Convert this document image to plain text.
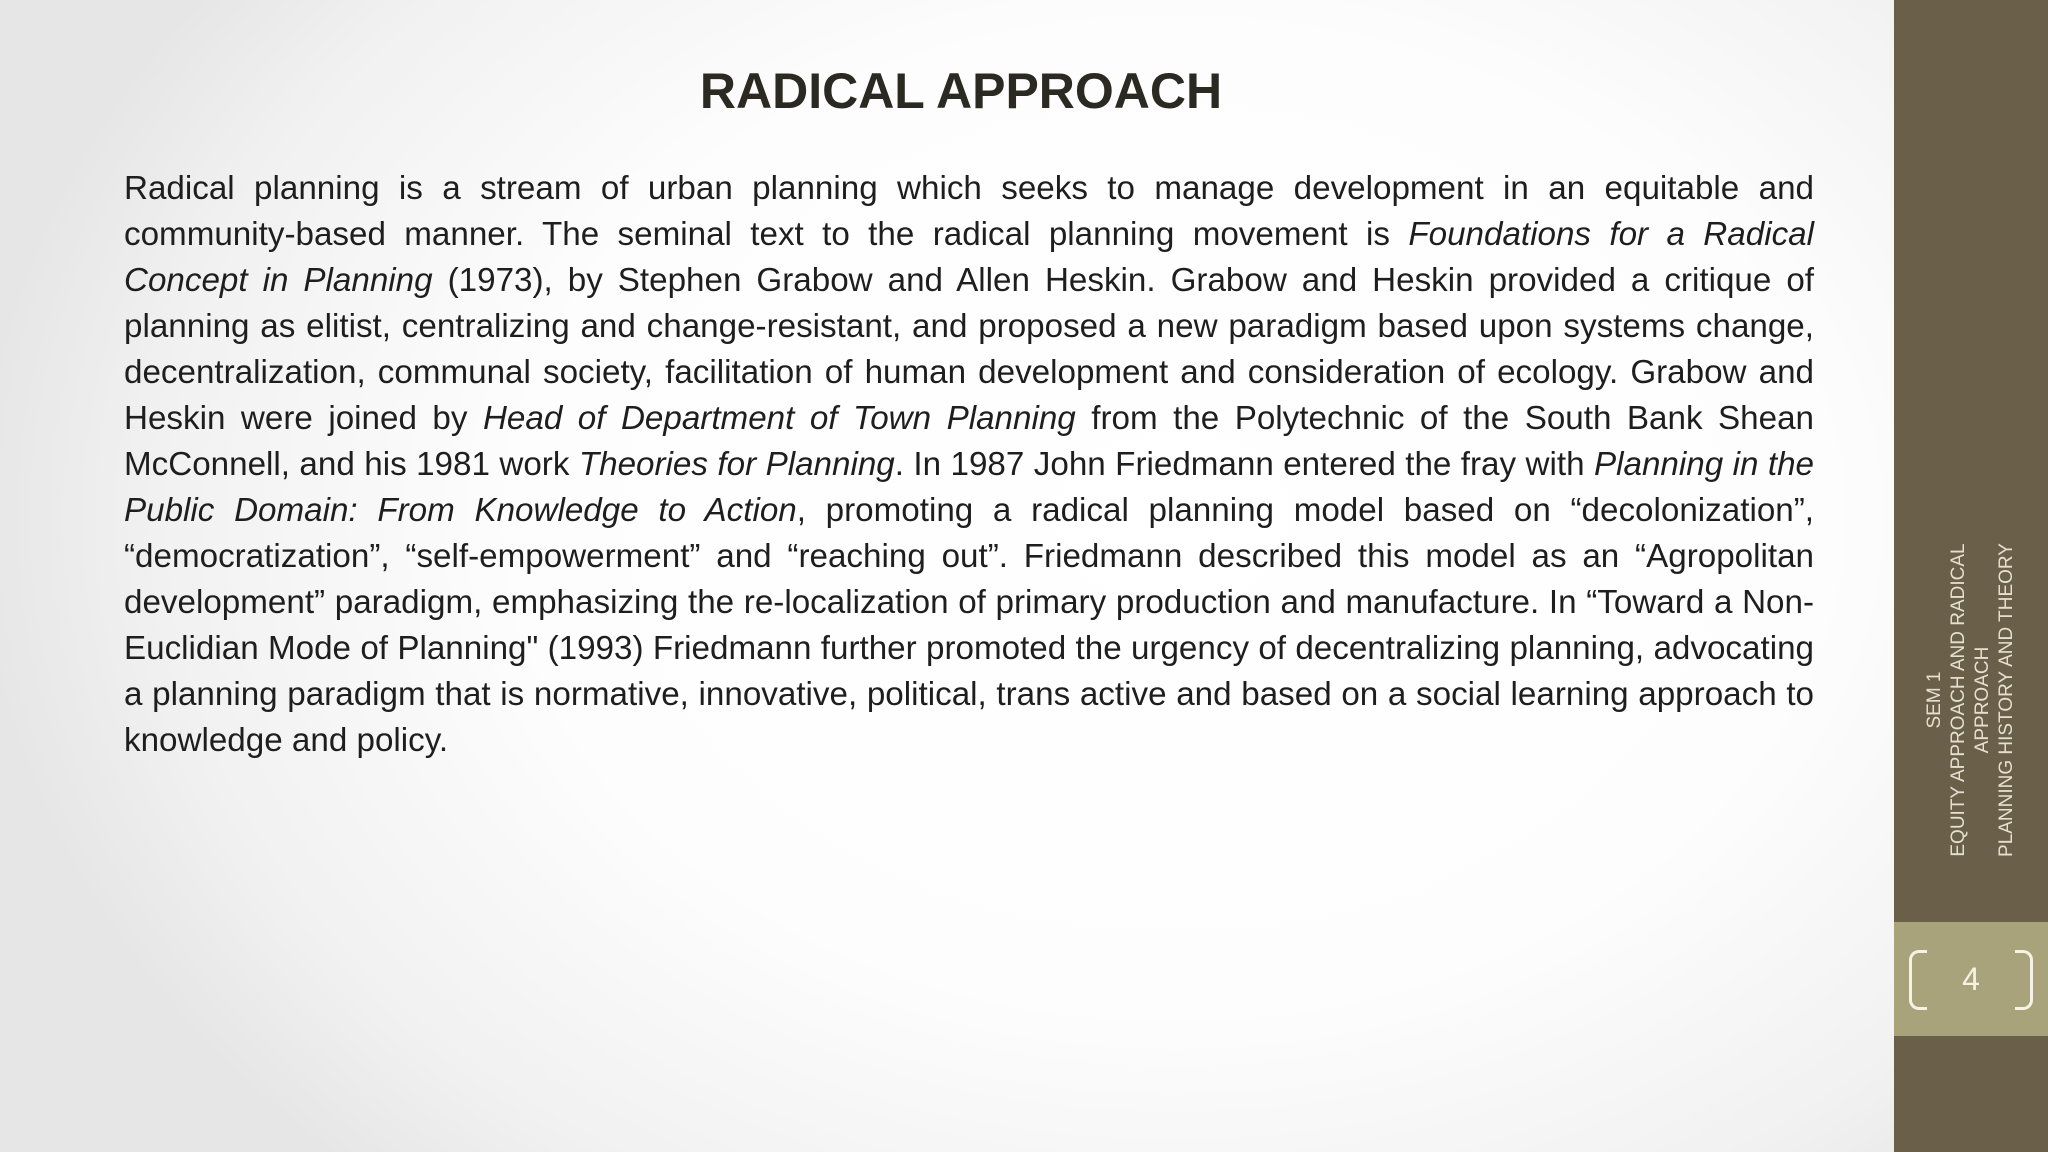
RADICAL APPROACH

Radical planning is a stream of urban planning which seeks to manage development in an equitable and community-based manner. The seminal text to the radical planning movement is Foundations for a Radical Concept in Planning (1973), by Stephen Grabow and Allen Heskin. Grabow and Heskin provided a critique of planning as elitist, centralizing and change-resistant, and proposed a new paradigm based upon systems change, decentralization, communal society, facilitation of human development and consideration of ecology. Grabow and Heskin were joined by Head of Department of Town Planning from the Polytechnic of the South Bank Shean McConnell, and his 1981 work Theories for Planning. In 1987 John Friedmann entered the fray with Planning in the Public Domain: From Knowledge to Action, promoting a radical planning model based on “decolonization”, “democratization”, “self-empowerment” and “reaching out”. Friedmann described this model as an “Agropolitan development” paradigm, emphasizing the re-localization of primary production and manufacture. In “Toward a Non-Euclidian Mode of Planning" (1993) Friedmann further promoted the urgency of decentralizing planning, advocating a planning paradigm that is normative, innovative, political, trans active and based on a social learning approach to knowledge and policy.

SEM 1 EQUITY APPROACH AND RADICAL APPROACH PLANNING HISTORY AND THEORY
4
